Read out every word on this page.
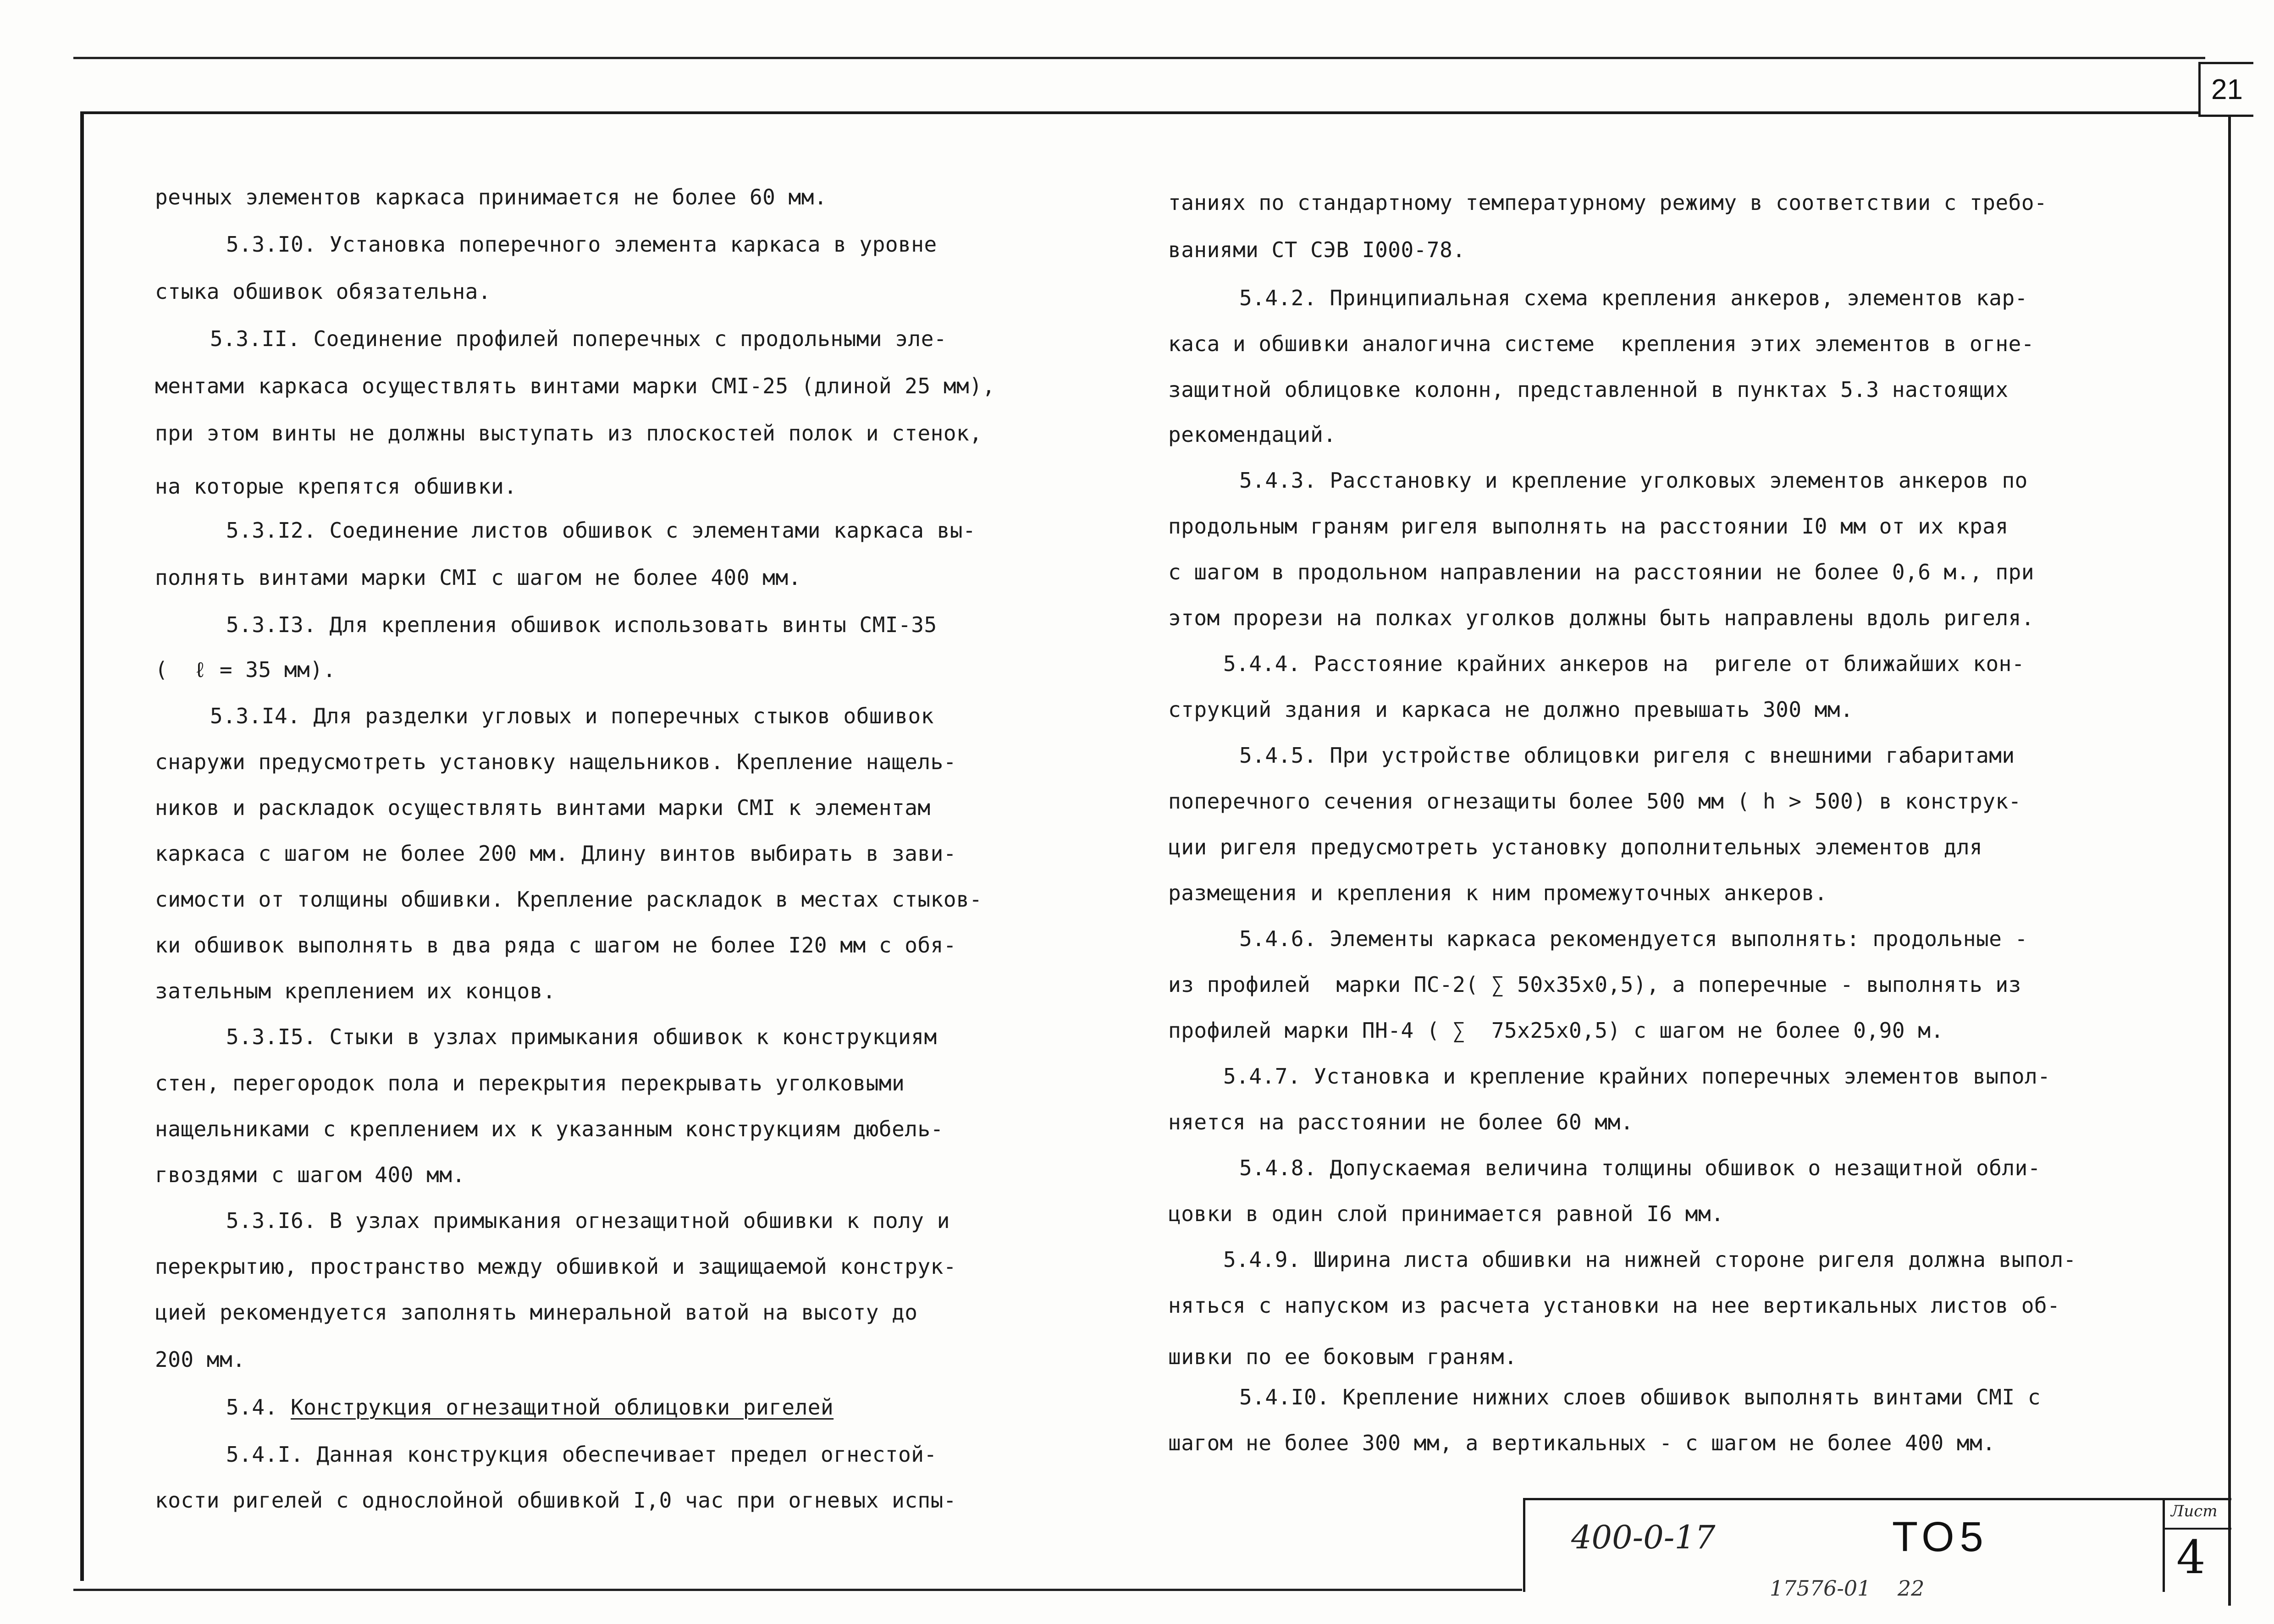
21
речных элементов каркаса принимается не более 60 мм.
5.3.I0. Установка поперечного элемента каркаса в уровне
стыка обшивок обязательна.
5.3.II. Соединение профилей поперечных с продольными эле-
ментами каркаса осуществлять винтами марки СМI-25 (длиной 25 мм),
при этом винты не должны выступать из плоскостей полок и стенок,
на которые крепятся обшивки.
5.3.I2. Соединение листов обшивок с элементами каркаса вы-
полнять винтами марки СМI с шагом не более 400 мм.
5.3.I3. Для крепления обшивок использовать винты СМI-35
(  ℓ = 35 мм).
5.3.I4. Для разделки угловых и поперечных стыков обшивок
снаружи предусмотреть установку нащельников. Крепление нащель-
ников и раскладок осуществлять винтами марки СМI к элементам
каркаса с шагом не более 200 мм. Длину винтов выбирать в зави-
симости от толщины обшивки. Крепление раскладок в местах стыков-
ки обшивок выполнять в два ряда с шагом не более I20 мм с обя-
зательным креплением их концов.
5.3.I5. Стыки в узлах примыкания обшивок к конструкциям
стен, перегородок пола и перекрытия перекрывать уголковыми
нащельниками с креплением их к указанным конструкциям дюбель-
гвоздями с шагом 400 мм.
5.3.I6. В узлах примыкания огнезащитной обшивки к полу и
перекрытию, пространство между обшивкой и защищаемой конструк-
цией рекомендуется заполнять минеральной ватой на высоту до
200 мм.
5.4.I. Данная конструкция обеспечивает предел огнестой-
кости ригелей с однослойной обшивкой I,0 час при огневых испы-
5.4. Конструкция огнезащитной облицовки ригелей
таниях по стандартному температурному режиму в соответствии с требо-
ваниями СТ СЭВ I000-78.
5.4.2. Принципиальная схема крепления анкеров, элементов кар-
каса и обшивки аналогична системе  крепления этих элементов в огне-
защитной облицовке колонн, представленной в пунктах 5.3 настоящих
рекомендаций.
5.4.3. Расстановку и крепление уголковых элементов анкеров по
продольным граням ригеля выполнять на расстоянии I0 мм от их края
с шагом в продольном направлении на расстоянии не более 0,6 м., при
этом прорези на полках уголков должны быть направлены вдоль ригеля.
5.4.4. Расстояние крайних анкеров на  ригеле от ближайших кон-
струкций здания и каркаса не должно превышать 300 мм.
5.4.5. При устройстве облицовки ригеля с внешними габаритами
поперечного сечения огнезащиты более 500 мм ( h > 500) в конструк-
ции ригеля предусмотреть установку дополнительных элементов для
размещения и крепления к ним промежуточных анкеров.
5.4.6. Элементы каркаса рекомендуется выполнять: продольные -
из профилей  марки ПС-2( ∑ 50x35x0,5), а поперечные - выполнять из
профилей марки ПН-4 ( ∑  75x25x0,5) с шагом не более 0,90 м.
5.4.7. Установка и крепление крайних поперечных элементов выпол-
няется на расстоянии не более 60 мм.
5.4.8. Допускаемая величина толщины обшивок о незащитной обли-
цовки в один слой принимается равной I6 мм.
5.4.9. Ширина листа обшивки на нижней стороне ригеля должна выпол-
няться с напуском из расчета установки на нее вертикальных листов об-
шивки по ее боковым граням.
5.4.I0. Крепление нижних слоев обшивок выполнять винтами СМI с
шагом не более 300 мм, а вертикальных - с шагом не более 400 мм.
400-0-17	ТО5
Лист
4
17576-01    22
